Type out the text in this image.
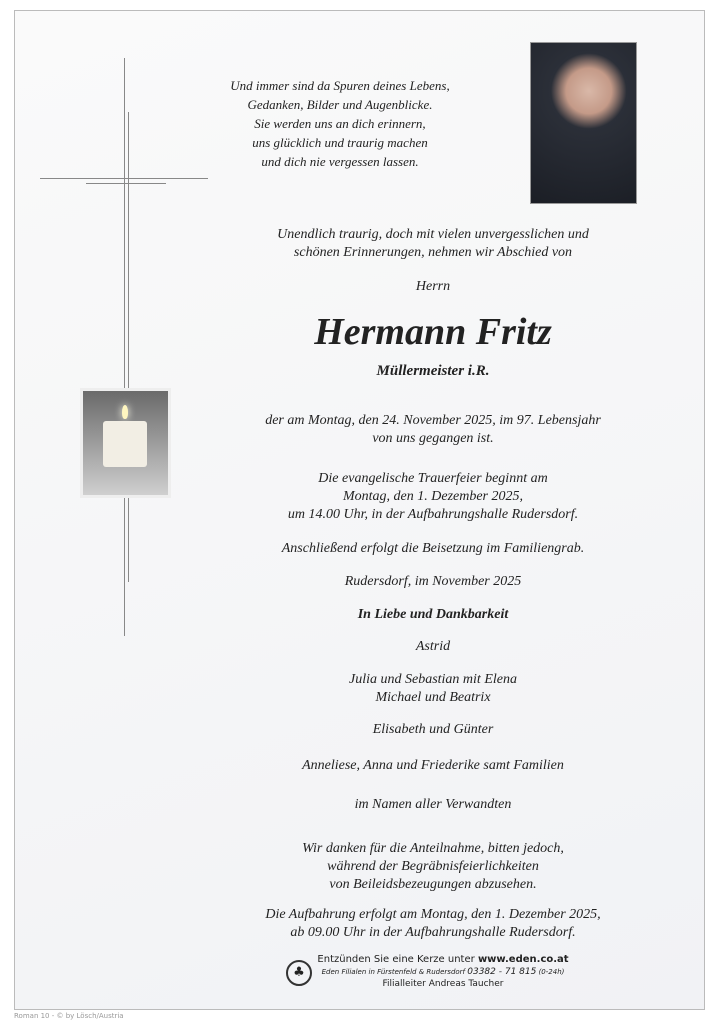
Und immer sind da Spuren deines Lebens,
Gedanken, Bilder und Augenblicke.
Sie werden uns an dich erinnern,
uns glücklich und traurig machen
und dich nie vergessen lassen.
Unendlich traurig, doch mit vielen unvergesslichen und
schönen Erinnerungen, nehmen wir Abschied von
Herrn
Hermann Fritz
Müllermeister i.R.
der am Montag, den 24. November 2025, im 97. Lebensjahr
von uns gegangen ist.
Die evangelische Trauerfeier beginnt am
Montag, den 1. Dezember 2025,
um 14.00 Uhr, in der Aufbahrungshalle Rudersdorf.
Anschließend erfolgt die Beisetzung im Familiengrab.
Rudersdorf, im November 2025
In Liebe und Dankbarkeit
Astrid
Julia und Sebastian mit Elena
Michael und Beatrix
Elisabeth und Günter
Anneliese, Anna und Friederike samt Familien
im Namen aller Verwandten
Wir danken für die Anteilnahme, bitten jedoch,
während der Begräbnisfeierlichkeiten
von Beileidsbezeugungen abzusehen.
Die Aufbahrung erfolgt am Montag, den 1. Dezember 2025,
ab 09.00 Uhr in der Aufbahrungshalle Rudersdorf.
♣
Entzünden Sie eine Kerze unter www.eden.co.at
Eden Filialen in Fürstenfeld & Rudersdorf 03382 - 71 815 (0-24h)
Filialleiter Andreas Taucher
Roman 10 - © by Lösch/Austria
